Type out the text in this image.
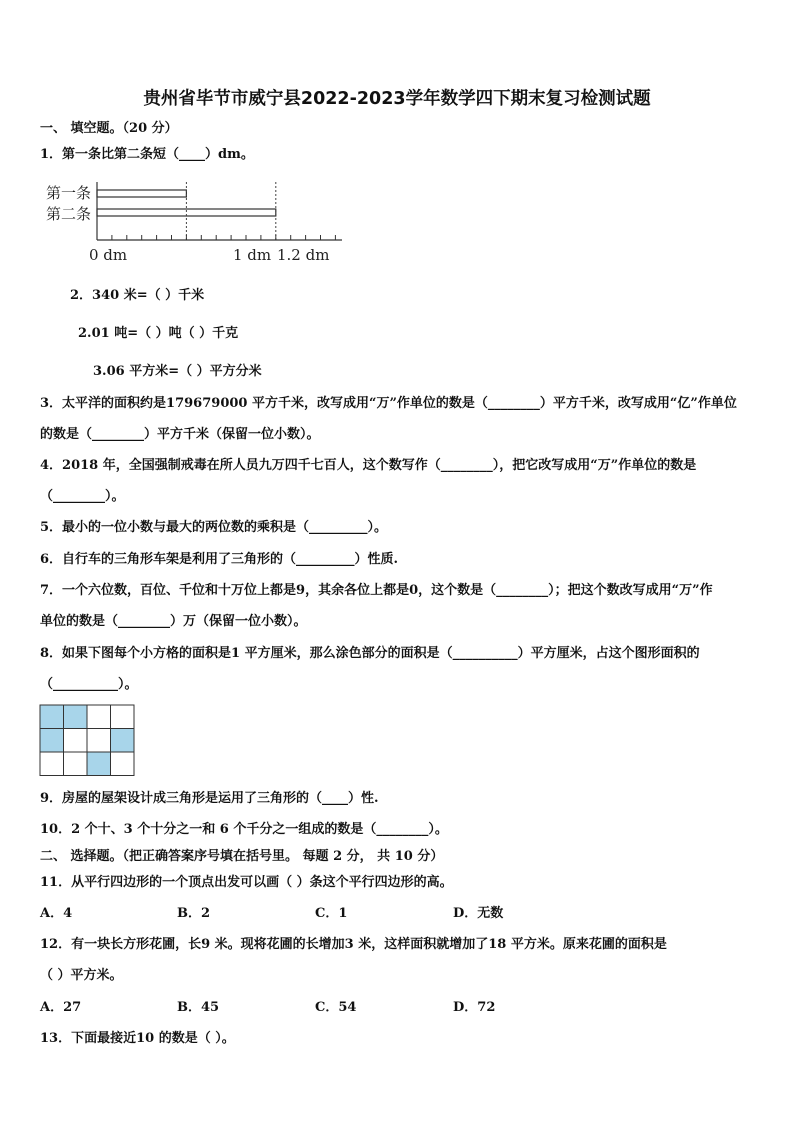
贵州省毕节市威宁县2022-2023学年数学四下期末复习检测试题
一、 填空题。（20 分）
1．第一条比第二条短（____）dm。
第一条
第二条
0 dm	1 dm 1.2 dm
2．340 米=（ ）千米
2.01 吨=（ ）吨（ ）千克
3.06 平方米=（ ）平方分米
3．太平洋的面积约是179679000 平方千米，改写成用“万”作单位的数是（________）平方千米，改写成用“亿”作单位
的数是（________）平方千米（保留一位小数）。
4．2018 年，全国强制戒毒在所人员九万四千七百人，这个数写作（________），把它改写成用“万”作单位的数是
（________）。
5．最小的一位小数与最大的两位数的乘积是（_________）。
6．自行车的三角形车架是利用了三角形的（_________）性质.
7．一个六位数，百位、千位和十万位上都是9，其余各位上都是0，这个数是（________）；把这个数改写成用“万”作
单位的数是（________）万（保留一位小数）。
8．如果下图每个小方格的面积是1 平方厘米，那么涂色部分的面积是（__________）平方厘米，占这个图形面积的
（__________）。
9．房屋的屋架设计成三角形是运用了三角形的（____）性.
10．2 个十、3 个十分之一和 6 个千分之一组成的数是（________）。
二、 选择题。（把正确答案序号填在括号里。 每题 2 分， 共 10 分）
11．从平行四边形的一个顶点出发可以画（ ）条这个平行四边形的高。
A．4	B．2	C．1	D．无数
12．有一块长方形花圃，长9 米。现将花圃的长增加3 米，这样面积就增加了18 平方米。原来花圃的面积是
（ ）平方米。
A．27	B．45	C．54	D．72
13．下面最接近10 的数是（ ）。
